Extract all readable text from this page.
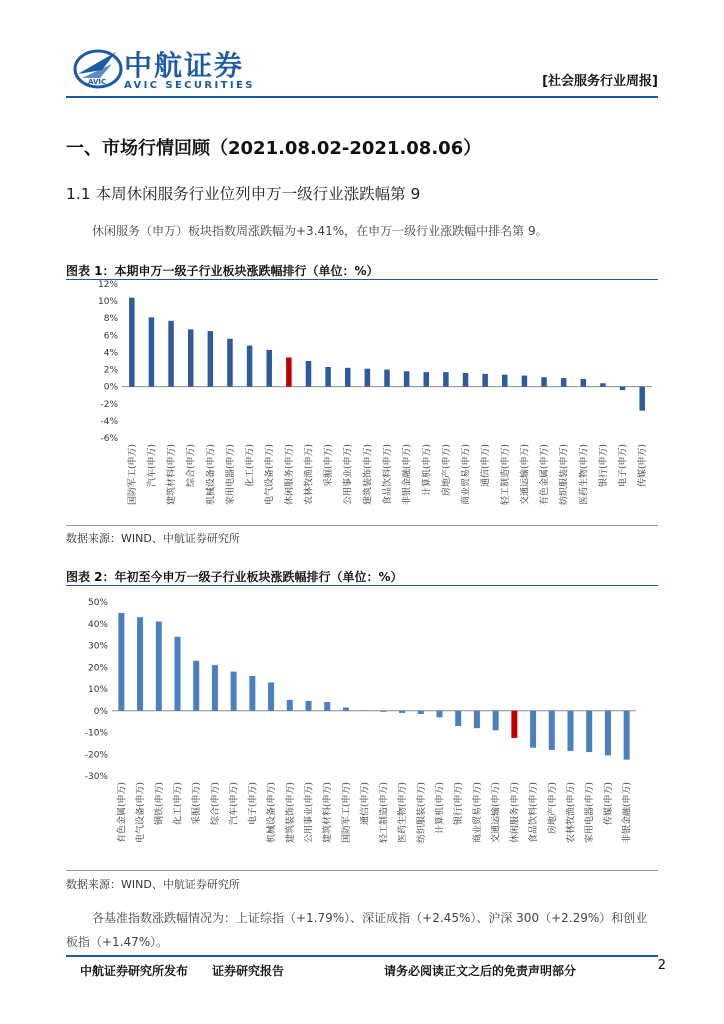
AVIC 中航证券
AVIC SECURITIES	[社会服务行业周报]
一、市场行情回顾（2021.08.02-2021.08.06）
1.1 本周休闲服务行业位列申万一级行业涨跌幅第 9
休闲服务（申万）板块指数周涨跌幅为+3.41%，在申万一级行业涨跌幅中排名第 9。
图表 1：本期申万一级子行业板块涨跌幅排行（单位：%）
12%
10%
8%
6%
4%
2%
0%
-2%
-4%
-6%
国防军工(申万) 汽车(申万) 建筑材料(申万) 综合(申万) 机械设备(申万) 家用电器(申万) 化工(申万) 电气设备(申万) 休闲服务(申万) 农林牧渔(申万) 采掘(申万) 公用事业(申万) 建筑装饰(申万) 食品饮料(申万) 非银金融(申万) 计算机(申万) 房地产(申万) 商业贸易(申万) 通信(申万) 轻工制造(申万) 交通运输(申万) 有色金属(申万) 纺织服装(申万) 医药生物(申万) 银行(申万) 电子(申万) 传媒(申万)
数据来源：WIND、中航证券研究所
图表 2：年初至今申万一级子行业板块涨跌幅排行（单位：%）
50%
40%
30%
20%
10%
0%
-10%
-20%
-30%
有色金属(申万) 电气设备(申万) 钢铁(申万) 化工(申万) 采掘(申万) 综合(申万) 汽车(申万) 电子(申万) 机械设备(申万) 建筑装饰(申万) 公用事业(申万) 建筑材料(申万) 国防军工(申万) 通信(申万) 轻工制造(申万) 医药生物(申万) 纺织服装(申万) 计算机(申万) 银行(申万) 商业贸易(申万) 交通运输(申万) 休闲服务(申万) 食品饮料(申万) 房地产(申万) 农林牧渔(申万) 家用电器(申万) 传媒(申万) 非银金融(申万)
数据来源：WIND、中航证券研究所
各基准指数涨跌幅情况为：上证综指（+1.79%）、深证成指（+2.45%）、沪深 300（+2.29%）和创业板指（+1.47%）。
中航证券研究所发布 证券研究报告	请务必阅读正文之后的免责声明部分	2
